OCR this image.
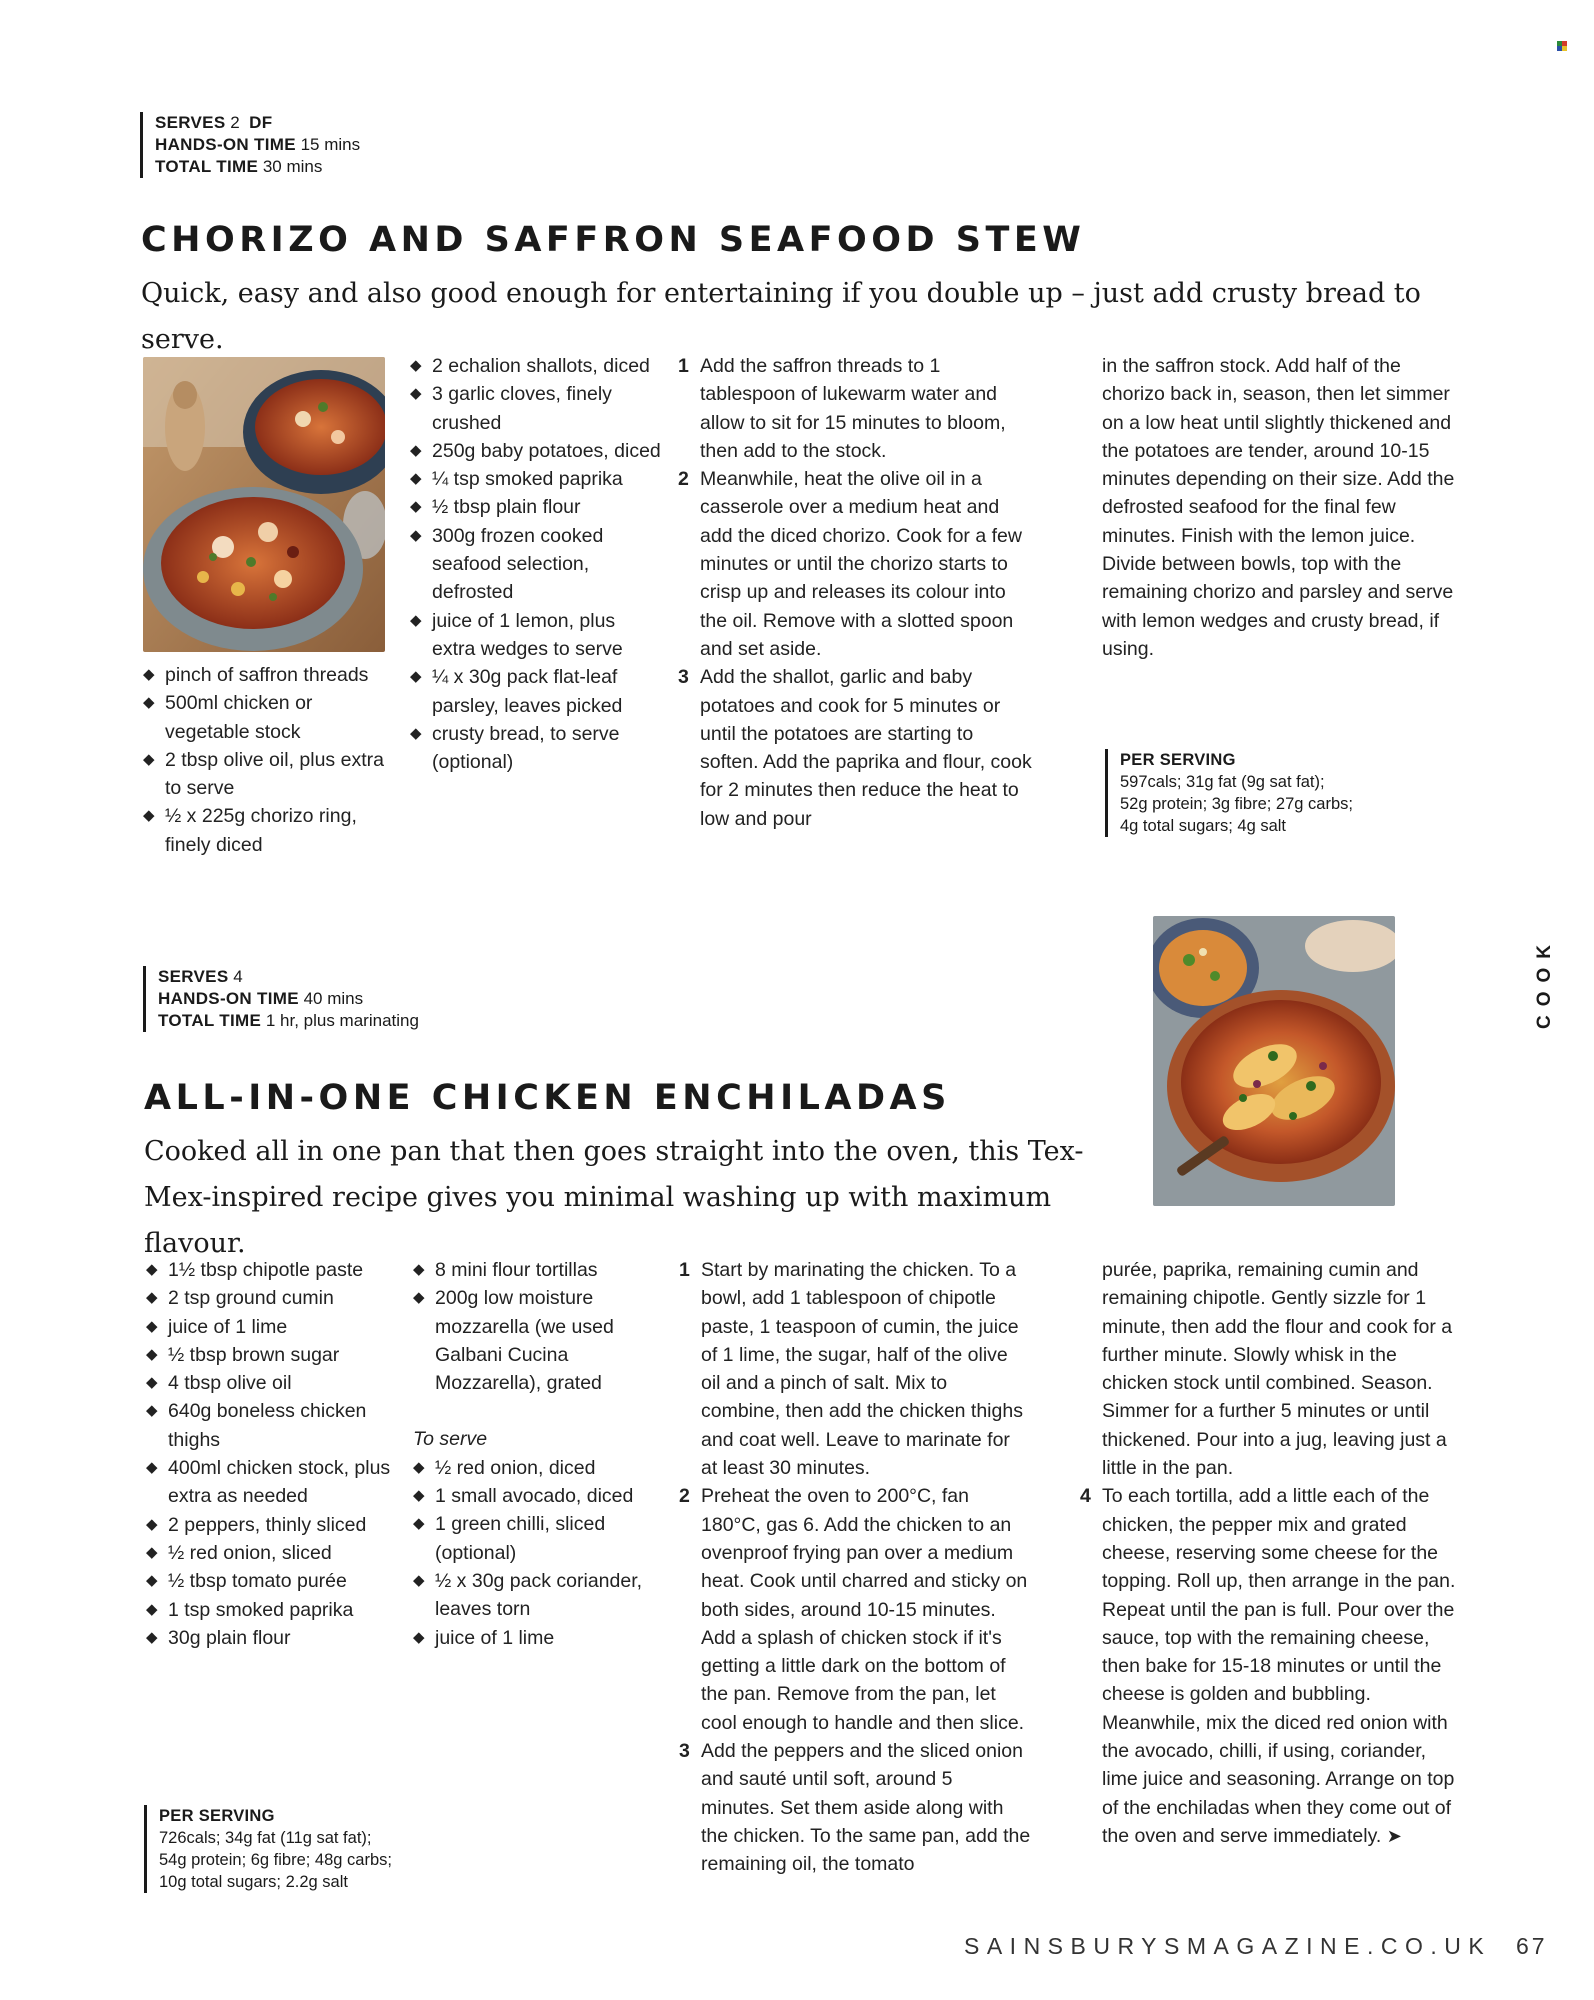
SERVES 2 DF
HANDS-ON TIME 15 mins
TOTAL TIME 30 mins
CHORIZO AND SAFFRON SEAFOOD STEW
Quick, easy and also good enough for entertaining if you double up – just add crusty bread to serve.
◆ pinch of saffron threads
◆ 500ml chicken or vegetable stock
◆ 2 tbsp olive oil, plus extra to serve
◆ ½ x 225g chorizo ring, finely diced
◆ 2 echalion shallots, diced
◆ 3 garlic cloves, finely crushed
◆ 250g baby potatoes, diced
◆ ¼ tsp smoked paprika
◆ ½ tbsp plain flour
◆ 300g frozen cooked seafood selection, defrosted
◆ juice of 1 lemon, plus extra wedges to serve
◆ ¼ x 30g pack flat-leaf parsley, leaves picked
◆ crusty bread, to serve (optional)
1 Add the saffron threads to 1 tablespoon of lukewarm water and allow to sit for 15 minutes to bloom, then add to the stock.
2 Meanwhile, heat the olive oil in a casserole over a medium heat and add the diced chorizo. Cook for a few minutes or until the chorizo starts to crisp up and releases its colour into the oil. Remove with a slotted spoon and set aside.
3 Add the shallot, garlic and baby potatoes and cook for 5 minutes or until the potatoes are starting to soften. Add the paprika and flour, cook for 2 minutes then reduce the heat to low and pour
in the saffron stock. Add half of the chorizo back in, season, then let simmer on a low heat until slightly thickened and the potatoes are tender, around 10-15 minutes depending on their size. Add the defrosted seafood for the final few minutes. Finish with the lemon juice. Divide between bowls, top with the remaining chorizo and parsley and serve with lemon wedges and crusty bread, if using.
PER SERVING
597cals; 31g fat (9g sat fat);
52g protein; 3g fibre; 27g carbs;
4g total sugars; 4g salt
SERVES 4
HANDS-ON TIME 40 mins
TOTAL TIME 1 hr, plus marinating
ALL-IN-ONE CHICKEN ENCHILADAS
Cooked all in one pan that then goes straight into the oven, this Tex-Mex-inspired recipe gives you minimal washing up with maximum flavour.
◆ 1½ tbsp chipotle paste
◆ 2 tsp ground cumin
◆ juice of 1 lime
◆ ½ tbsp brown sugar
◆ 4 tbsp olive oil
◆ 640g boneless chicken thighs
◆ 400ml chicken stock, plus extra as needed
◆ 2 peppers, thinly sliced
◆ ½ red onion, sliced
◆ ½ tbsp tomato purée
◆ 1 tsp smoked paprika
◆ 30g plain flour
◆ 8 mini flour tortillas
◆ 200g low moisture mozzarella (we used Galbani Cucina Mozzarella), grated
To serve
◆ ½ red onion, diced
◆ 1 small avocado, diced
◆ 1 green chilli, sliced (optional)
◆ ½ x 30g pack coriander, leaves torn
◆ juice of 1 lime
1 Start by marinating the chicken. To a bowl, add 1 tablespoon of chipotle paste, 1 teaspoon of cumin, the juice of 1 lime, the sugar, half of the olive oil and a pinch of salt. Mix to combine, then add the chicken thighs and coat well. Leave to marinate for at least 30 minutes.
2 Preheat the oven to 200°C, fan 180°C, gas 6. Add the chicken to an ovenproof frying pan over a medium heat. Cook until charred and sticky on both sides, around 10-15 minutes. Add a splash of chicken stock if it's getting a little dark on the bottom of the pan. Remove from the pan, let cool enough to handle and then slice.
3 Add the peppers and the sliced onion and sauté until soft, around 5 minutes. Set them aside along with the chicken. To the same pan, add the remaining oil, the tomato
purée, paprika, remaining cumin and remaining chipotle. Gently sizzle for 1 minute, then add the flour and cook for a further minute. Slowly whisk in the chicken stock until combined. Season. Simmer for a further 5 minutes or until thickened. Pour into a jug, leaving just a little in the pan.
4 To each tortilla, add a little each of the chicken, the pepper mix and grated cheese, reserving some cheese for the topping. Roll up, then arrange in the pan. Repeat until the pan is full. Pour over the sauce, top with the remaining cheese, then bake for 15-18 minutes or until the cheese is golden and bubbling. Meanwhile, mix the diced red onion with the avocado, chilli, if using, coriander, lime juice and seasoning. Arrange on top of the enchiladas when they come out of the oven and serve immediately. ➤
PER SERVING
726cals; 34g fat (11g sat fat);
54g protein; 6g fibre; 48g carbs;
10g total sugars; 2.2g salt
COOK
SAINSBURYSMAGAZINE.CO.UK 67
